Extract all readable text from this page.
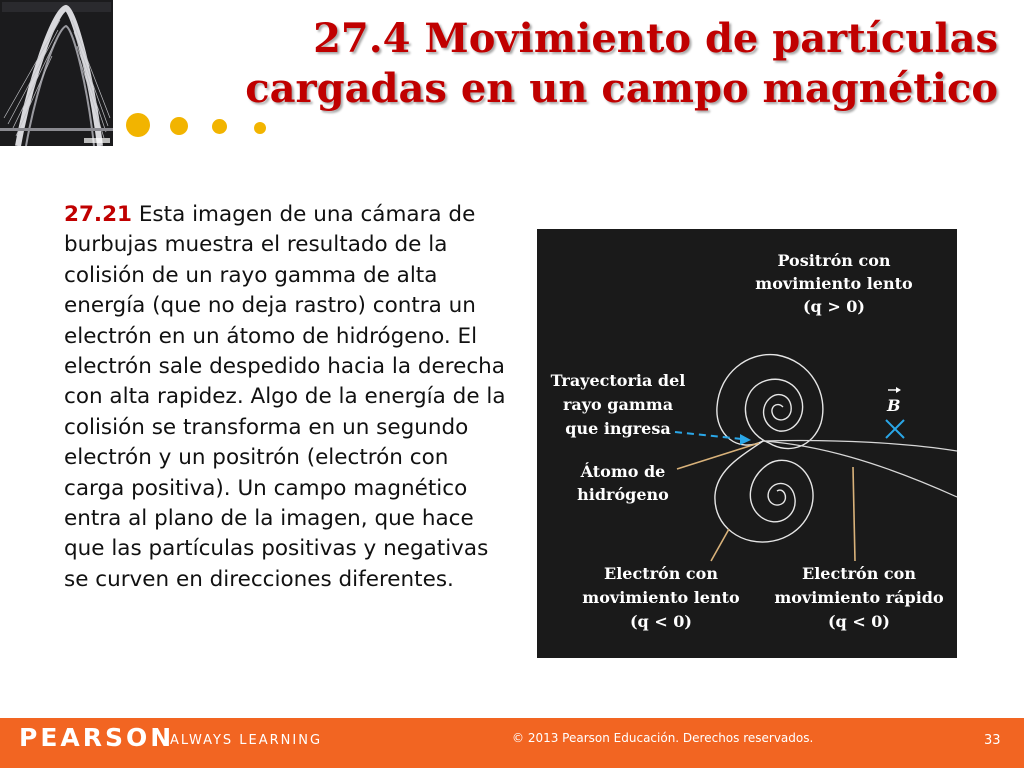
27.4 Movimiento de partículas
cargadas en un campo magnético
27.21 Esta imagen de una cámara de burbujas muestra el resultado de la colisión de un rayo gamma de alta energía (que no deja rastro) contra un electrón en un átomo de hidrógeno. El electrón sale despedido hacia la derecha con alta rapidez. Algo de la energía de la colisión se transforma en un segundo electrón y un positrón (electrón con carga positiva). Un campo magnético entra al plano de la imagen, que hace que las partículas positivas y negativas se curven en direcciones diferentes.
B
Positrón con
movimiento lento
(q > 0)
Trayectoria del
rayo gamma
que ingresa
Átomo de
hidrógeno
Electrón con
movimiento lento
(q < 0)
Electrón con
movimiento rápido
(q < 0)
PEARSON
ALWAYS LEARNING	© 2013 Pearson Educación. Derechos reservados.	33
